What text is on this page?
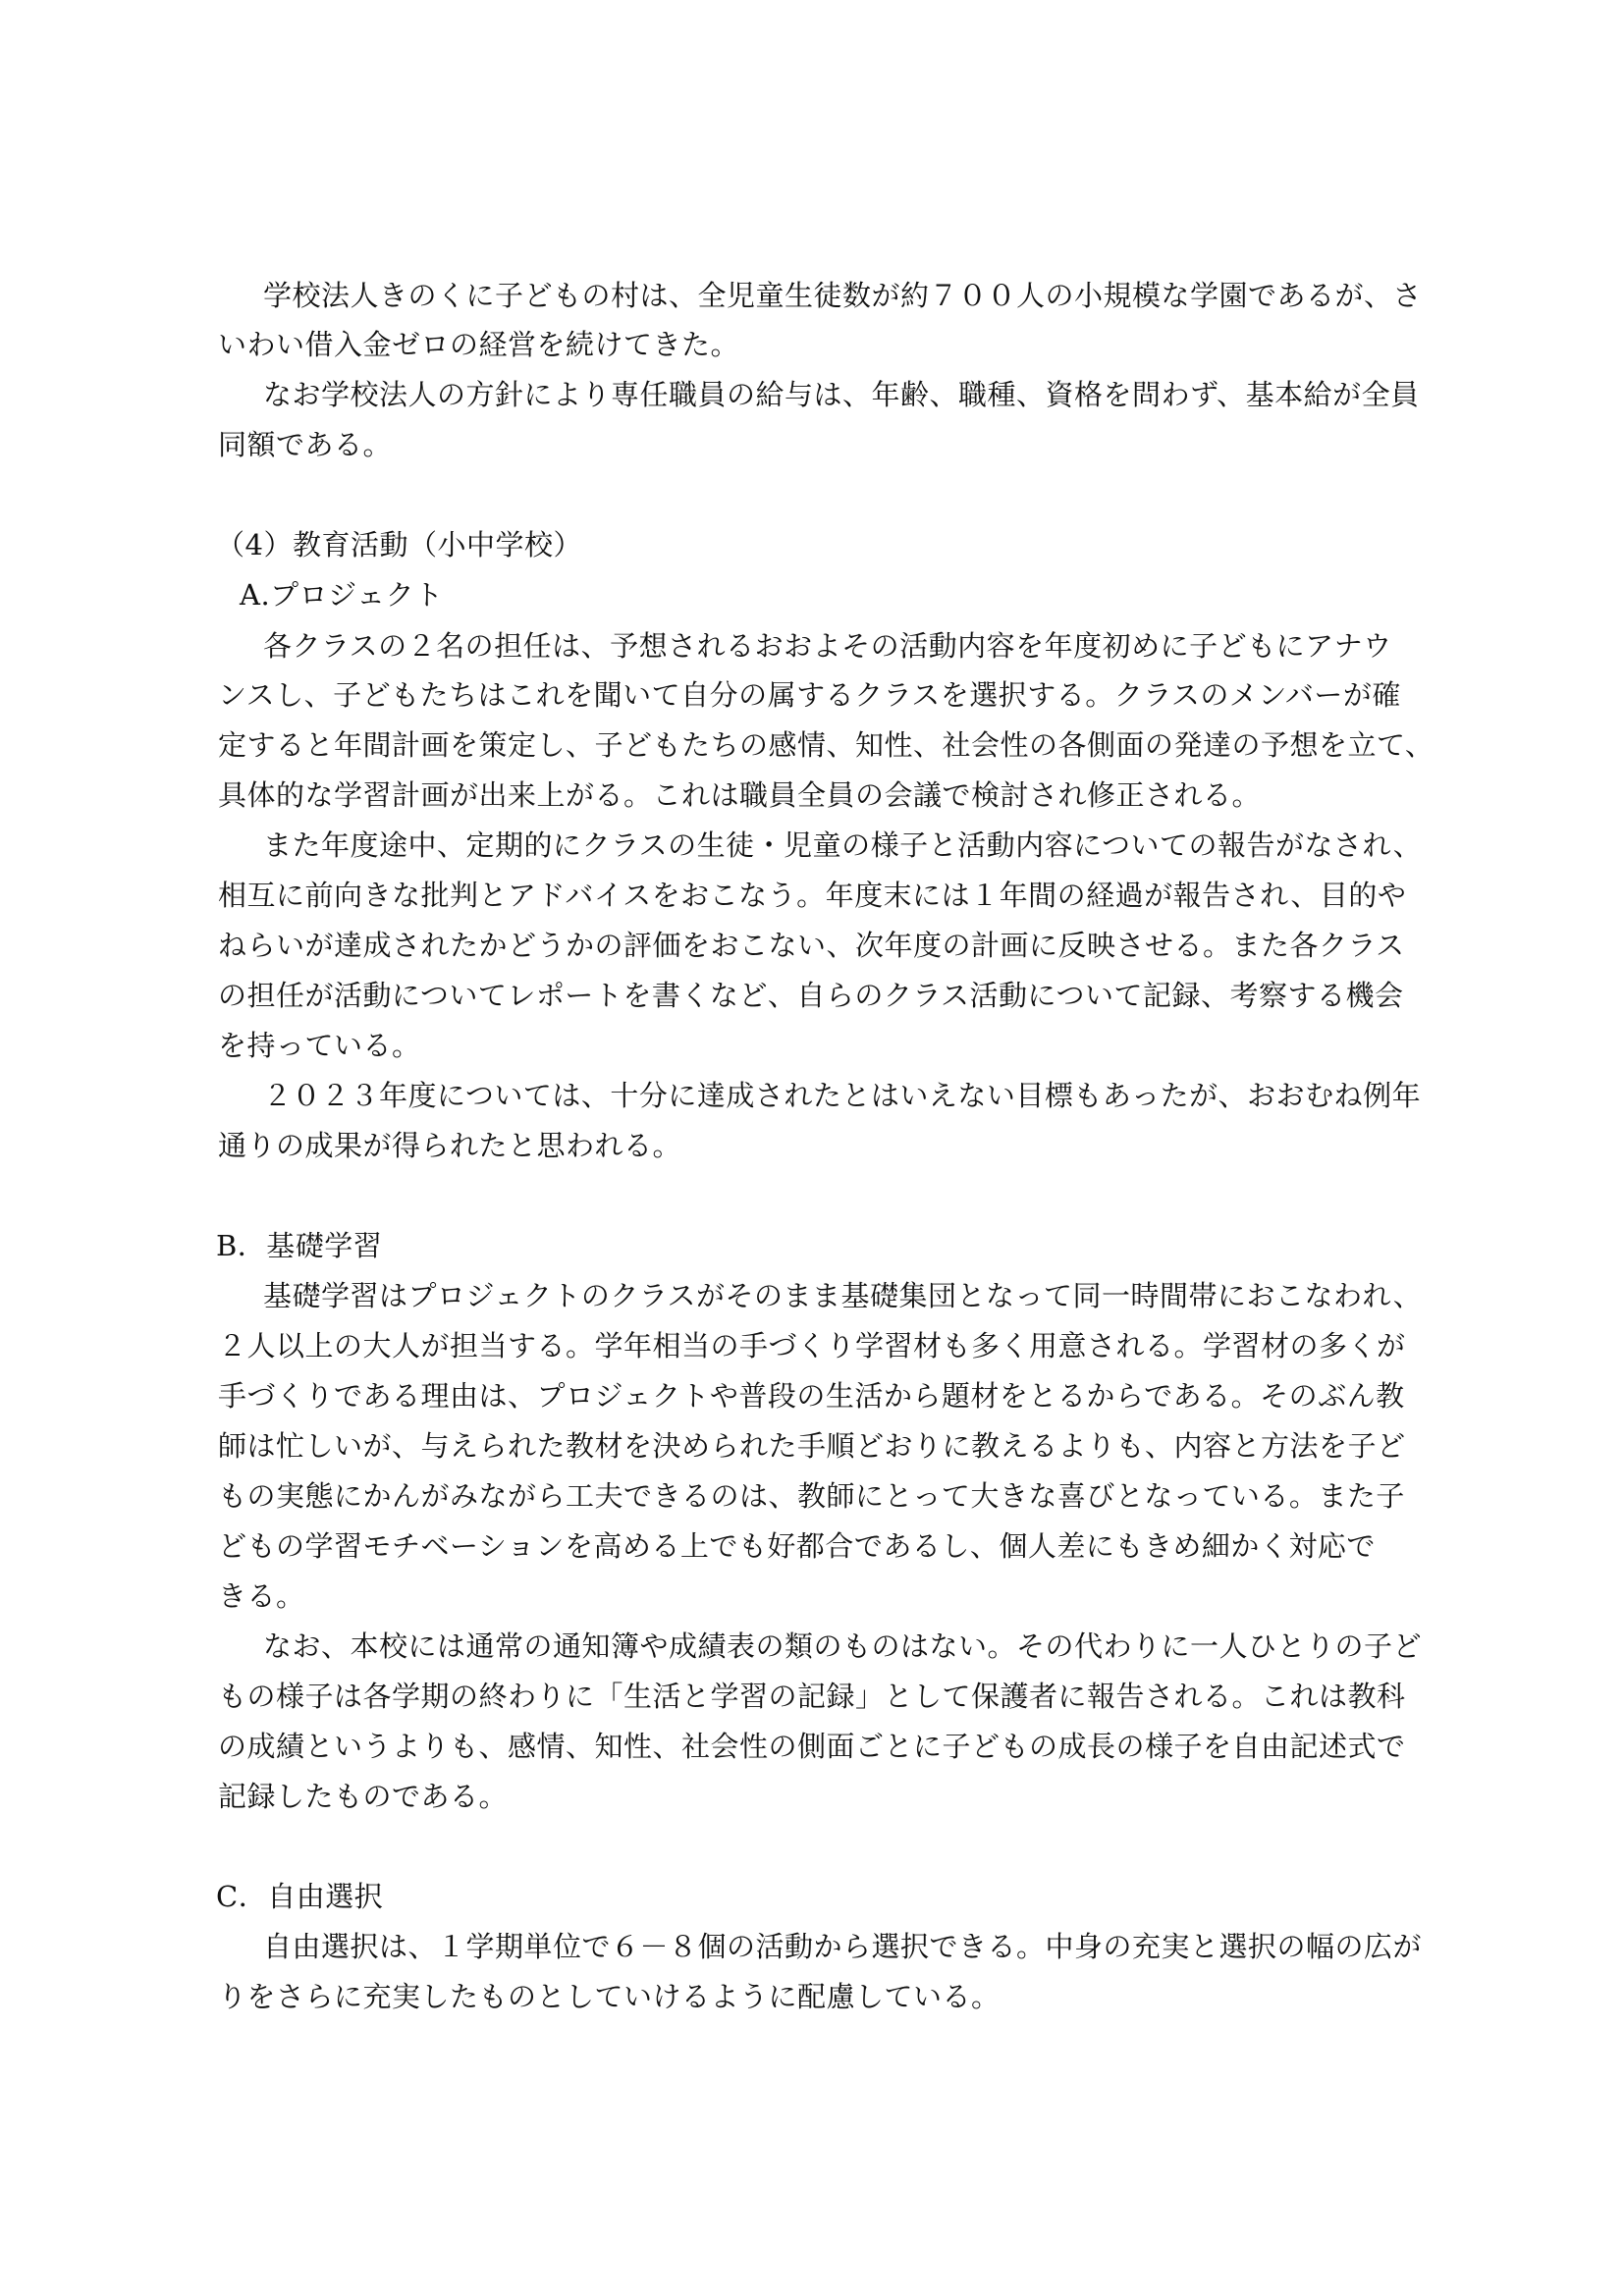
学校法人きのくに子どもの村は、全児童生徒数が約７００人の小規模な学園であるが、さ
いわい借入金ゼロの経営を続けてきた。
なお学校法人の方針により専任職員の給与は、年齢、職種、資格を問わず、基本給が全員
同額である。
（4）教育活動（小中学校）
A.プロジェクト
各クラスの２名の担任は、予想されるおおよその活動内容を年度初めに子どもにアナウ
ンスし、子どもたちはこれを聞いて自分の属するクラスを選択する。クラスのメンバーが確
定すると年間計画を策定し、子どもたちの感情、知性、社会性の各側面の発達の予想を立て、
具体的な学習計画が出来上がる。これは職員全員の会議で検討され修正される。
また年度途中、定期的にクラスの生徒・児童の様子と活動内容についての報告がなされ、
相互に前向きな批判とアドバイスをおこなう。年度末には１年間の経過が報告され、目的や
ねらいが達成されたかどうかの評価をおこない、次年度の計画に反映させる。また各クラス
の担任が活動についてレポートを書くなど、自らのクラス活動について記録、考察する機会
を持っている。
２０２３年度については、十分に達成されたとはいえない目標もあったが、おおむね例年
通りの成果が得られたと思われる。
B．基礎学習
基礎学習はプロジェクトのクラスがそのまま基礎集団となって同一時間帯におこなわれ、
２人以上の大人が担当する。学年相当の手づくり学習材も多く用意される。学習材の多くが
手づくりである理由は、プロジェクトや普段の生活から題材をとるからである。そのぶん教
師は忙しいが、与えられた教材を決められた手順どおりに教えるよりも、内容と方法を子ど
もの実態にかんがみながら工夫できるのは、教師にとって大きな喜びとなっている。また子
どもの学習モチベーションを高める上でも好都合であるし、個人差にもきめ細かく対応で
きる。
なお、本校には通常の通知簿や成績表の類のものはない。その代わりに一人ひとりの子ど
もの様子は各学期の終わりに「生活と学習の記録」として保護者に報告される。これは教科
の成績というよりも、感情、知性、社会性の側面ごとに子どもの成長の様子を自由記述式で
記録したものである。
C．自由選択
自由選択は、１学期単位で６－８個の活動から選択できる。中身の充実と選択の幅の広が
りをさらに充実したものとしていけるように配慮している。
